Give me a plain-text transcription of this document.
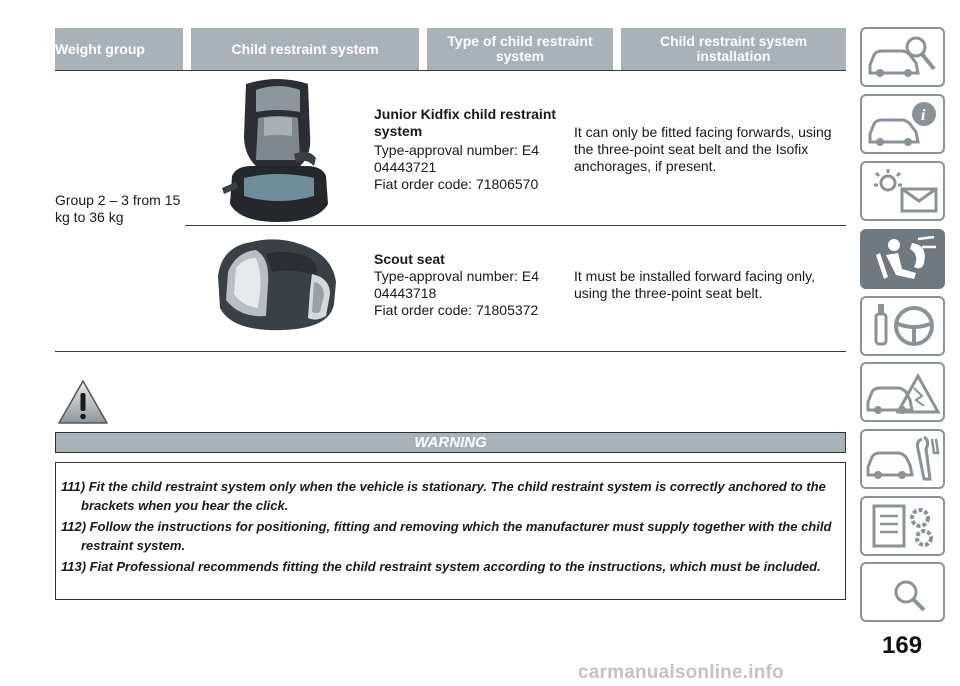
Weight group	Child restraint system	Type of child restraint system
Child restraint system installation
Group 2 – 3 from 15 kg to 36 kg
Junior Kidfix child restraint system
Type-approval number: E4 04443721
Fiat order code: 71806570
It can only be fitted facing forwards, using the three-point seat belt and the Isofix anchorages, if present.
Scout seat
Type-approval number: E4 04443718
Fiat order code: 71805372
It must be installed forward facing only, using the three-point seat belt.
WARNING
111) Fit the child restraint system only when the vehicle is stationary. The child restraint system is correctly anchored to the brackets when you hear the click.
112) Follow the instructions for positioning, fitting and removing which the manufacturer must supply together with the child restraint system.
113) Fiat Professional recommends fitting the child restraint system according to the instructions, which must be included.
i
169
carmanualsonline.info
